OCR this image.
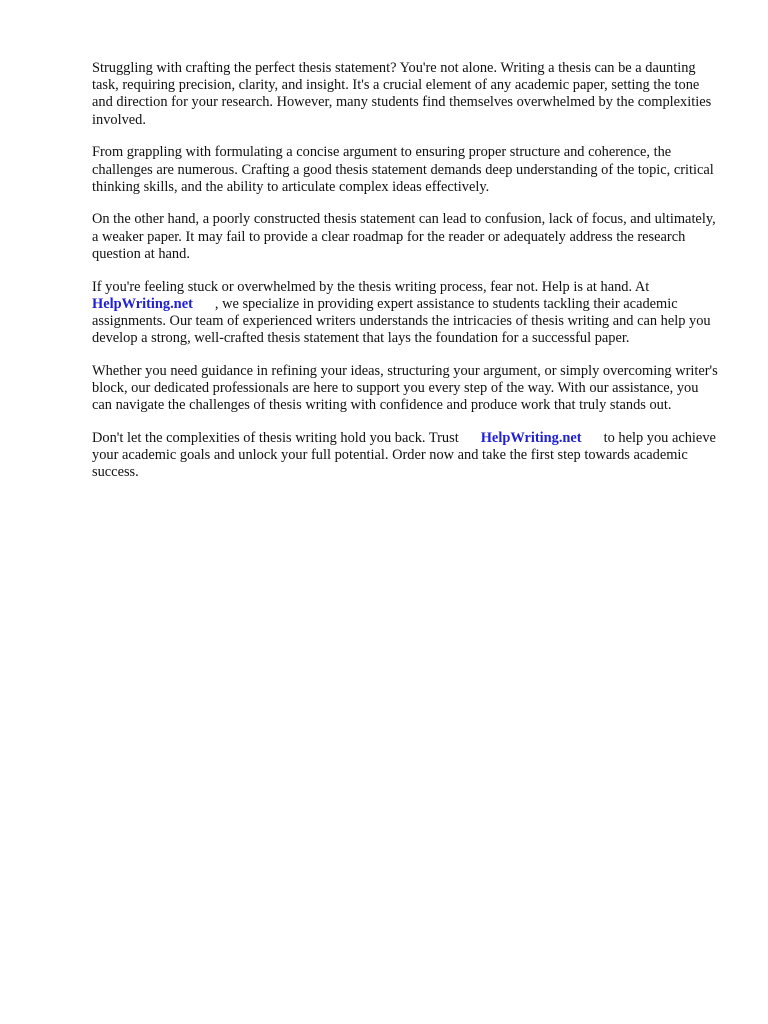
Struggling with crafting the perfect thesis statement? You're not alone. Writing a thesis can be a daunting task, requiring precision, clarity, and insight. It's a crucial element of any academic paper, setting the tone and direction for your research. However, many students find themselves overwhelmed by the complexities involved.

From grappling with formulating a concise argument to ensuring proper structure and coherence, the challenges are numerous. Crafting a good thesis statement demands deep understanding of the topic, critical thinking skills, and the ability to articulate complex ideas effectively.

On the other hand, a poorly constructed thesis statement can lead to confusion, lack of focus, and ultimately, a weaker paper. It may fail to provide a clear roadmap for the reader or adequately address the research question at hand.

If you're feeling stuck or overwhelmed by the thesis writing process, fear not. Help is at hand. At
HelpWriting.net , we specialize in providing expert assistance to students tackling their academic assignments. Our team of experienced writers understands the intricacies of thesis writing and can help you develop a strong, well-crafted thesis statement that lays the foundation for a successful paper.

Whether you need guidance in refining your ideas, structuring your argument, or simply overcoming writer's block, our dedicated professionals are here to support you every step of the way. With our assistance, you can navigate the challenges of thesis writing with confidence and produce work that truly stands out.

Don't let the complexities of thesis writing hold you back. Trust HelpWriting.net to help you achieve your academic goals and unlock your full potential. Order now and take the first step towards academic success.
